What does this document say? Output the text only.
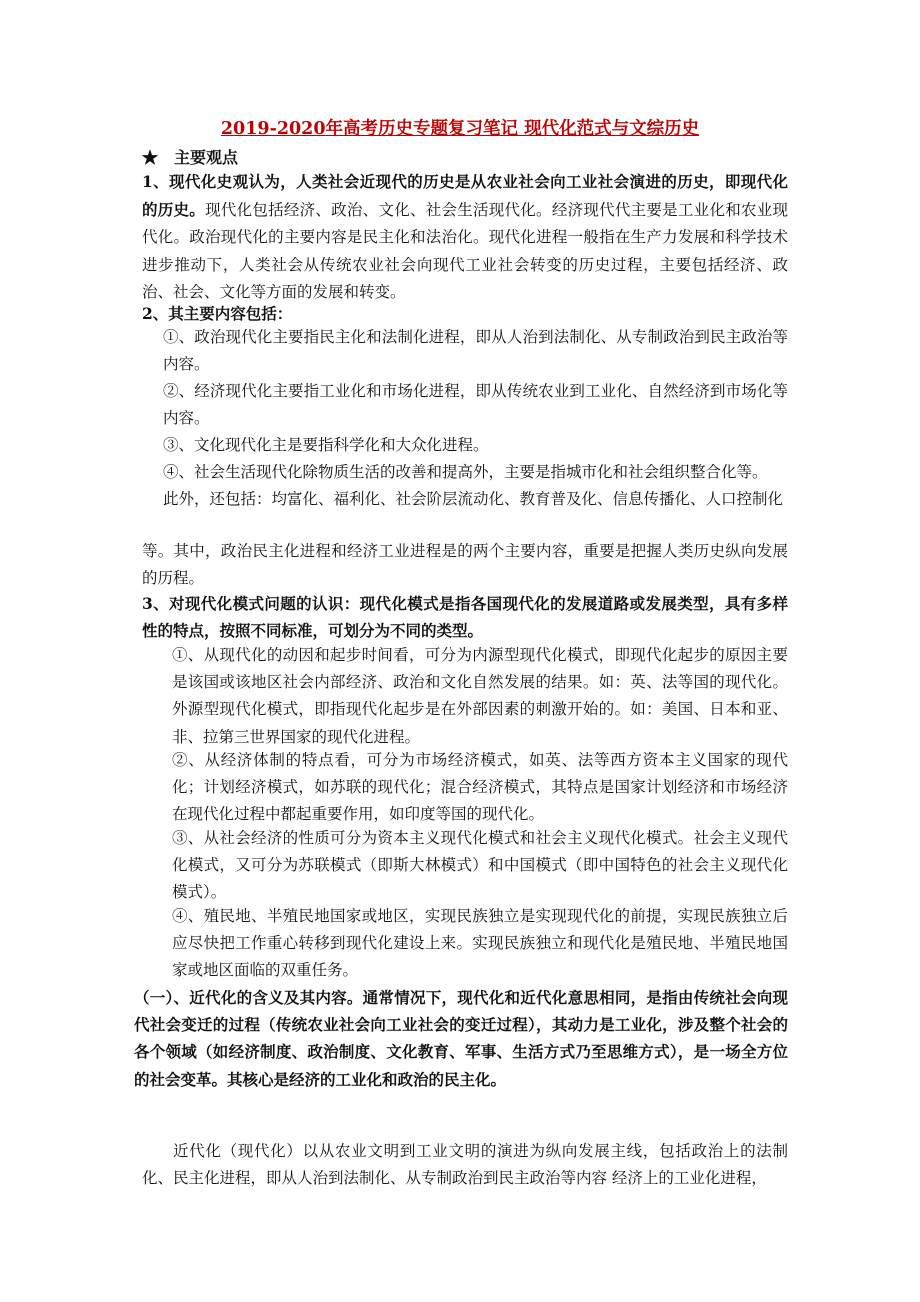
2019-2020年高考历史专题复习笔记 现代化范式与文综历史
★　主要观点
1、现代化史观认为，人类社会近现代的历史是从农业社会向工业社会演进的历史，即现代化的历史。现代化包括经济、政治、文化、社会生活现代化。经济现代代主要是工业化和农业现代化。政治现代化的主要内容是民主化和法治化。现代化进程一般指在生产力发展和科学技术进步推动下，人类社会从传统农业社会向现代工业社会转变的历史过程，主要包括经济、政治、社会、文化等方面的发展和转变。
2、其主要内容包括：
①、政治现代化主要指民主化和法制化进程，即从人治到法制化、从专制政治到民主政治等内容。
②、经济现代化主要指工业化和市场化进程，即从传统农业到工业化、自然经济到市场化等内容。
③、文化现代化主是要指科学化和大众化进程。
④、社会生活现代化除物质生活的改善和提高外，主要是指城市化和社会组织整合化等。
此外，还包括：均富化、福利化、社会阶层流动化、教育普及化、信息传播化、人口控制化
等。其中，政治民主化进程和经济工业进程是的两个主要内容，重要是把握人类历史纵向发展的历程。
3、对现代化模式问题的认识：现代化模式是指各国现代化的发展道路或发展类型，具有多样性的特点，按照不同标准，可划分为不同的类型。
①、从现代化的动因和起步时间看，可分为内源型现代化模式，即现代化起步的原因主要是该国或该地区社会内部经济、政治和文化自然发展的结果。如：英、法等国的现代化。外源型现代化模式，即指现代化起步是在外部因素的刺激开始的。如：美国、日本和亚、非、拉第三世界国家的现代化进程。
②、从经济体制的特点看，可分为市场经济模式，如英、法等西方资本主义国家的现代化；计划经济模式，如苏联的现代化；混合经济模式，其特点是国家计划经济和市场经济在现代化过程中都起重要作用，如印度等国的现代化。
③、从社会经济的性质可分为资本主义现代化模式和社会主义现代化模式。社会主义现代化模式，又可分为苏联模式（即斯大林模式）和中国模式（即中国特色的社会主义现代化模式）。
④、殖民地、半殖民地国家或地区，实现民族独立是实现现代化的前提，实现民族独立后应尽快把工作重心转移到现代化建设上来。实现民族独立和现代化是殖民地、半殖民地国家或地区面临的双重任务。
（一）、近代化的含义及其内容。通常情况下，现代化和近代化意思相同，是指由传统社会向现代社会变迁的过程（传统农业社会向工业社会的变迁过程），其动力是工业化，涉及整个社会的各个领域（如经济制度、政治制度、文化教育、军事、生活方式乃至思维方式），是一场全方位的社会变革。其核心是经济的工业化和政治的民主化。
近代化（现代化）以从农业文明到工业文明的演进为纵向发展主线，包括政治上的法制化、民主化进程，即从人治到法制化、从专制政治到民主政治等内容 经济上的工业化进程，
